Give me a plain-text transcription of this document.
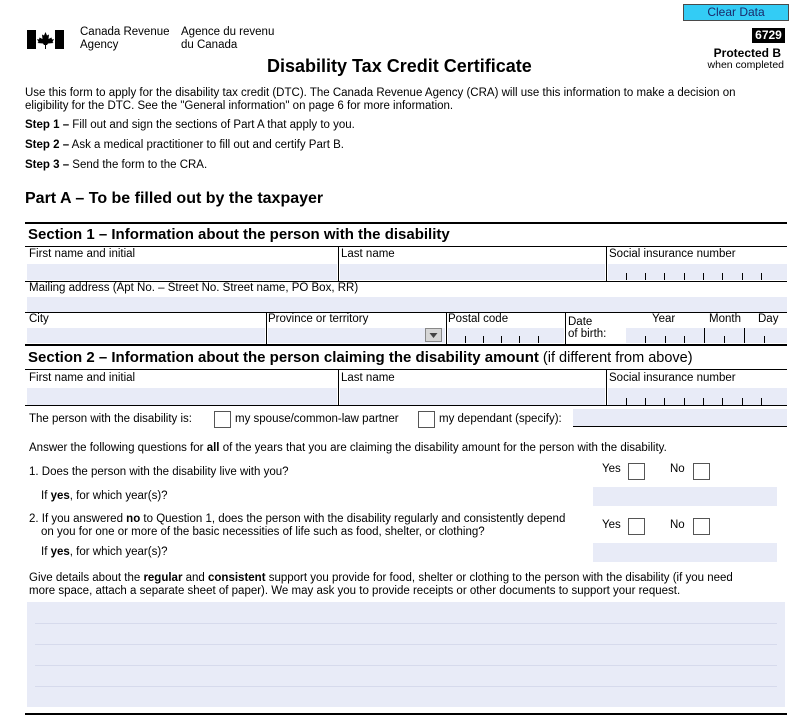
Clear Data
Canada Revenue
Agency
Agence du revenu
du Canada
6729
Protected B
when completed
Disability Tax Credit Certificate
Use this form to apply for the disability tax credit (DTC). The Canada Revenue Agency (CRA) will use this information to make a decision on
eligibility for the DTC. See the "General information" on page 6 for more information.
Step 1 – Fill out and sign the sections of Part A that apply to you.
Step 2 – Ask a medical practitioner to fill out and certify Part B.
Step 3 – Send the form to the CRA.
Part A – To be filled out by the taxpayer
Section 1 – Information about the person with the disability
First name and initial	Last name	Social insurance number
Mailing address (Apt No. – Street No. Street name, PO Box, RR)
City	Province or territory	Postal code	Date
of birth:
Year	Month Day
Section 2 – Information about the person claiming the disability amount (if different from above)
First name and initial	Last name	Social insurance number
The person with the disability is:	my spouse/common-law partner	my dependant (specify):
Answer the following questions for all of the years that you are claiming the disability amount for the person with the disability.
1. Does the person with the disability live with you?	Yes	No
If yes, for which year(s)?
2. If you answered no to Question 1, does the person with the disability regularly and consistently depend
on you for one or more of the basic necessities of life such as food, shelter, or clothing?
Yes	No
If yes, for which year(s)?
Give details about the regular and consistent support you provide for food, shelter or clothing to the person with the disability (if you need
more space, attach a separate sheet of paper). We may ask you to provide receipts or other documents to support your request.
